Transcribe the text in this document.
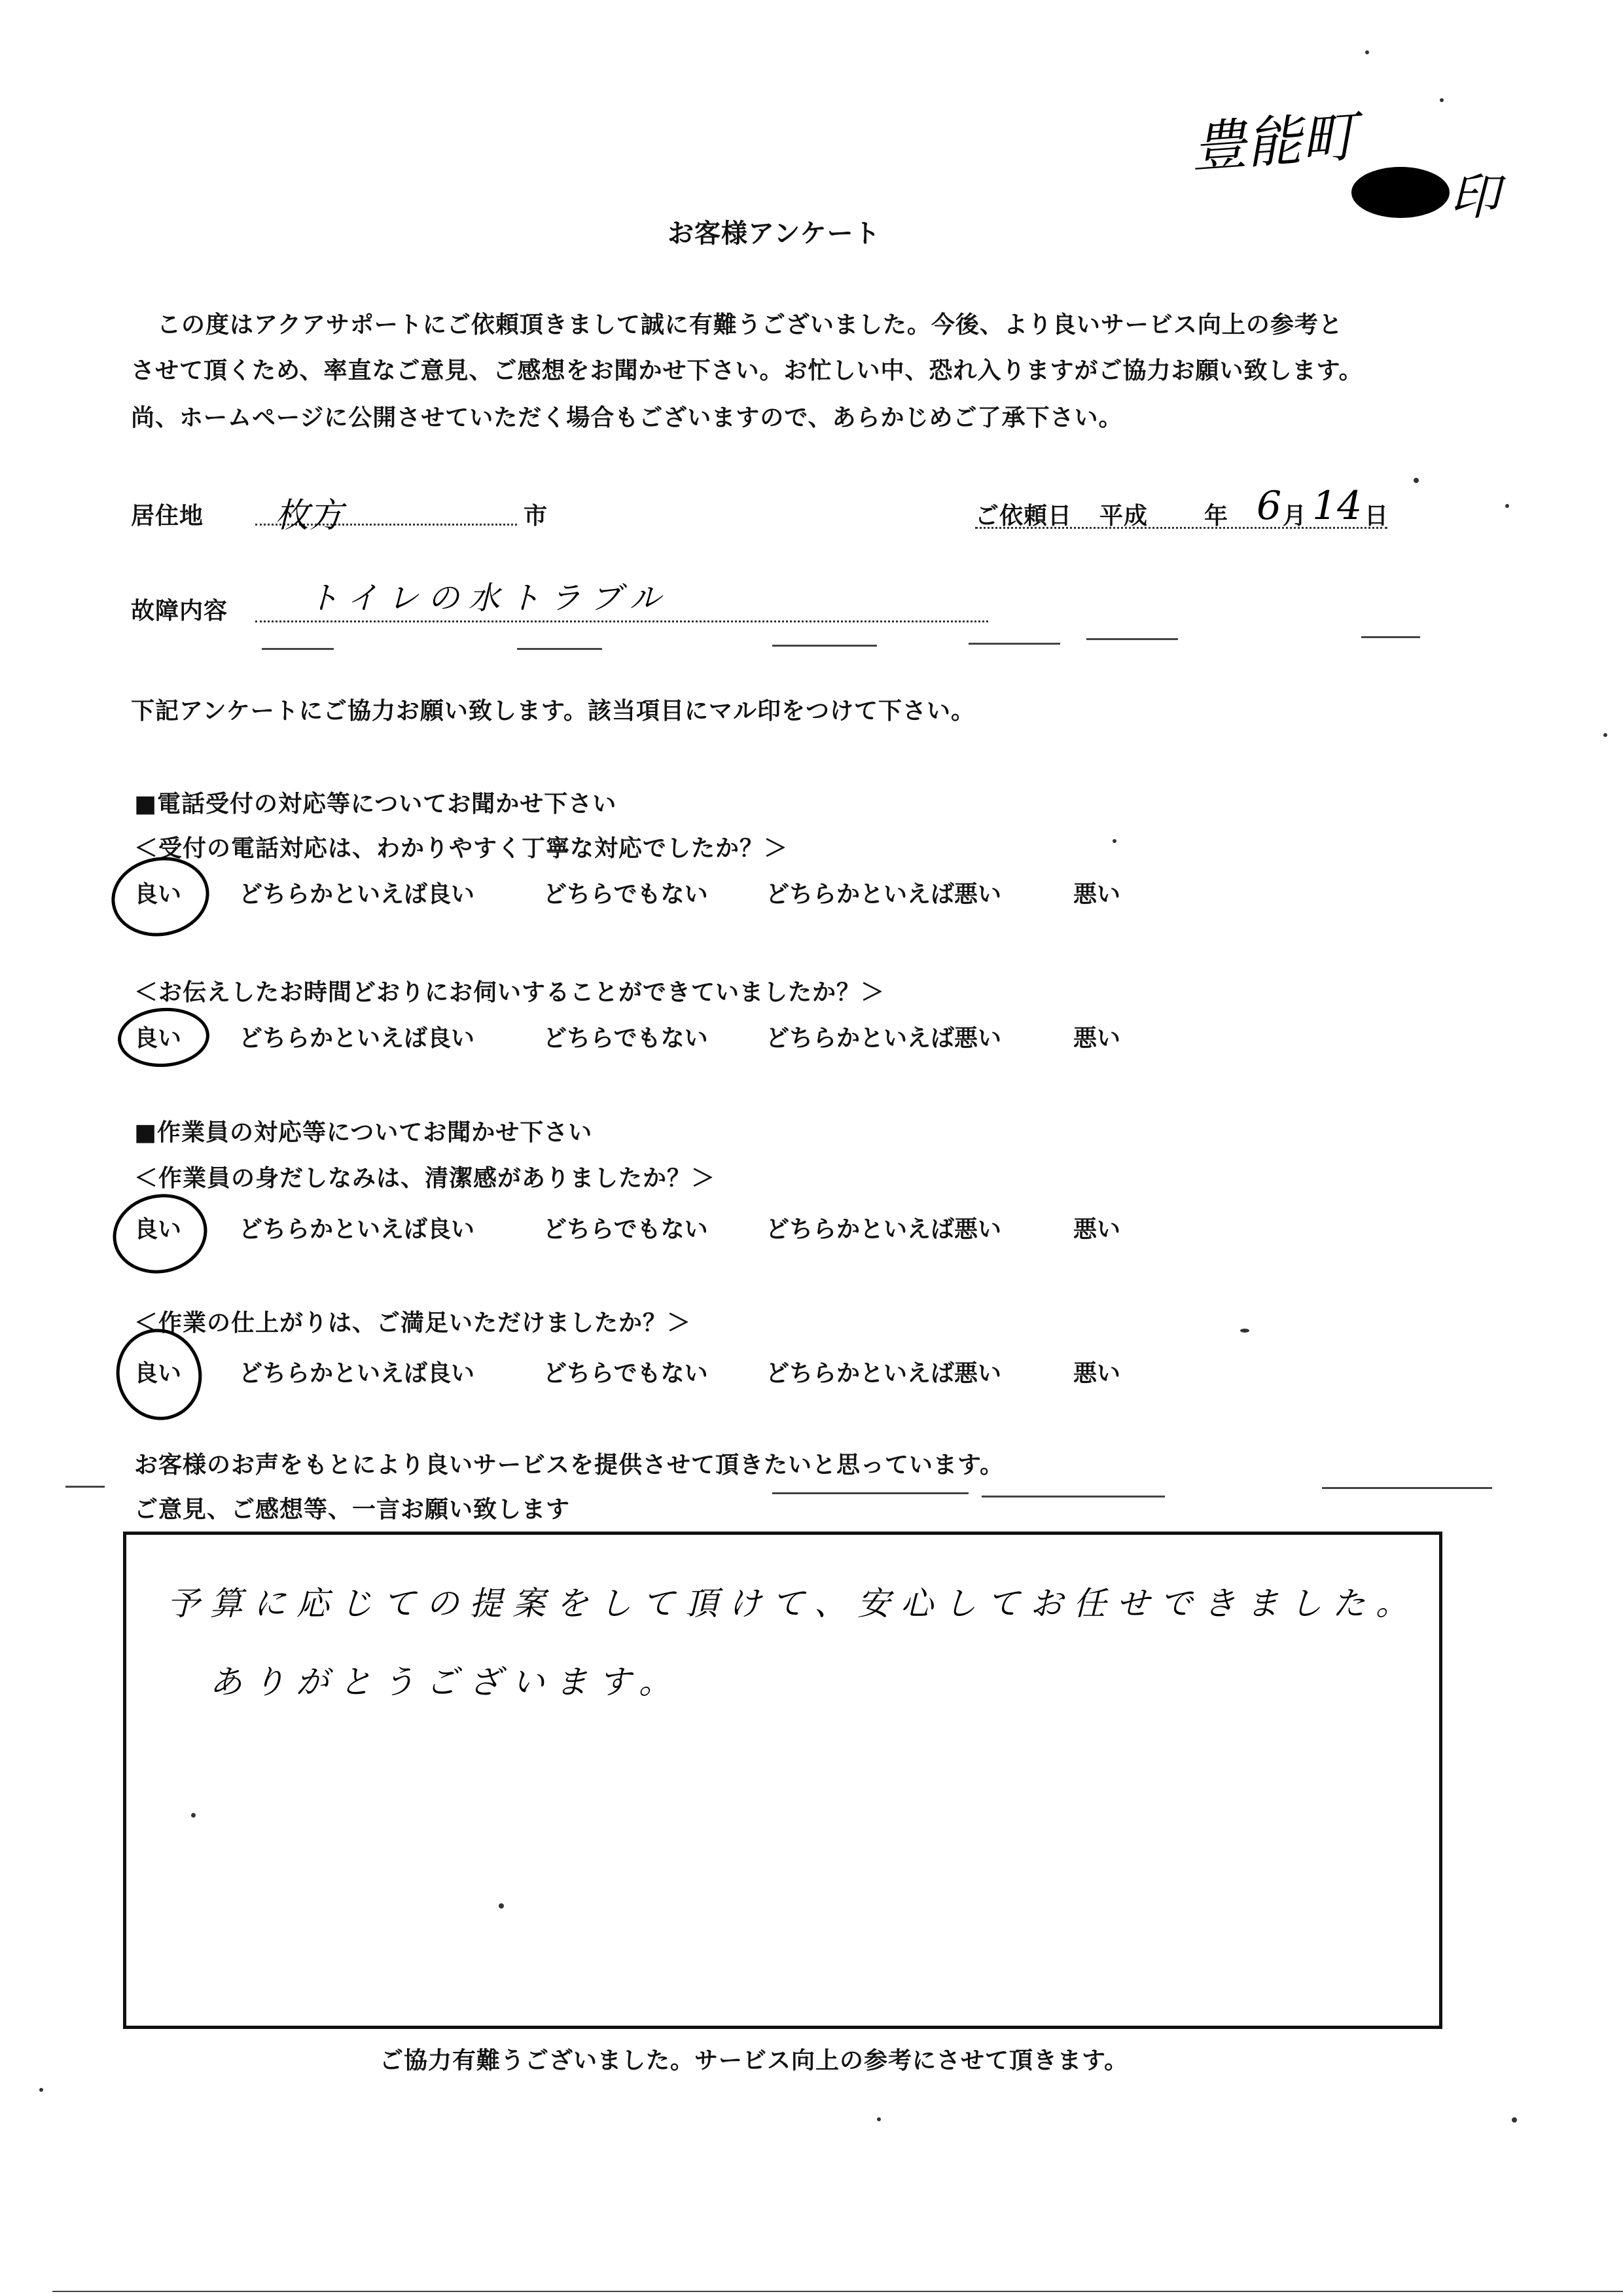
豊能町
印
お客様アンケート
この度はアクアサポートにご依頼頂きまして誠に有難うございました。今後、より良いサービス向上の参考と
させて頂くため、率直なご意見、ご感想をお聞かせ下さい。お忙しい中、恐れ入りますがご協力お願い致します。
尚、ホームページに公開させていただく場合もございますので、あらかじめご了承下さい。
居住地 枚方	市	ご依頼日 平成 年 6 月 14 日
故障内容	トイレの水トラブル
下記アンケートにご協力お願い致します。該当項目にマル印をつけて下さい。
■電話受付の対応等についてお聞かせ下さい
＜受付の電話対応は、わかりやすく丁寧な対応でしたか？＞
良い どちらかといえば良い	どちらでもない どちらかといえば悪い	悪い
＜お伝えしたお時間どおりにお伺いすることができていましたか？＞
良い どちらかといえば良い	どちらでもない どちらかといえば悪い	悪い
■作業員の対応等についてお聞かせ下さい
＜作業員の身だしなみは、清潔感がありましたか？＞
良い どちらかといえば良い	どちらでもない どちらかといえば悪い	悪い
＜作業の仕上がりは、ご満足いただけましたか？＞
良い どちらかといえば良い	どちらでもない どちらかといえば悪い	悪い
お客様のお声をもとにより良いサービスを提供させて頂きたいと思っています。
ご意見、ご感想等、一言お願い致します
予算に応じての提案をして頂けて、安心してお任せできました。
ありがとうございます。
ご協力有難うございました。サービス向上の参考にさせて頂きます。
